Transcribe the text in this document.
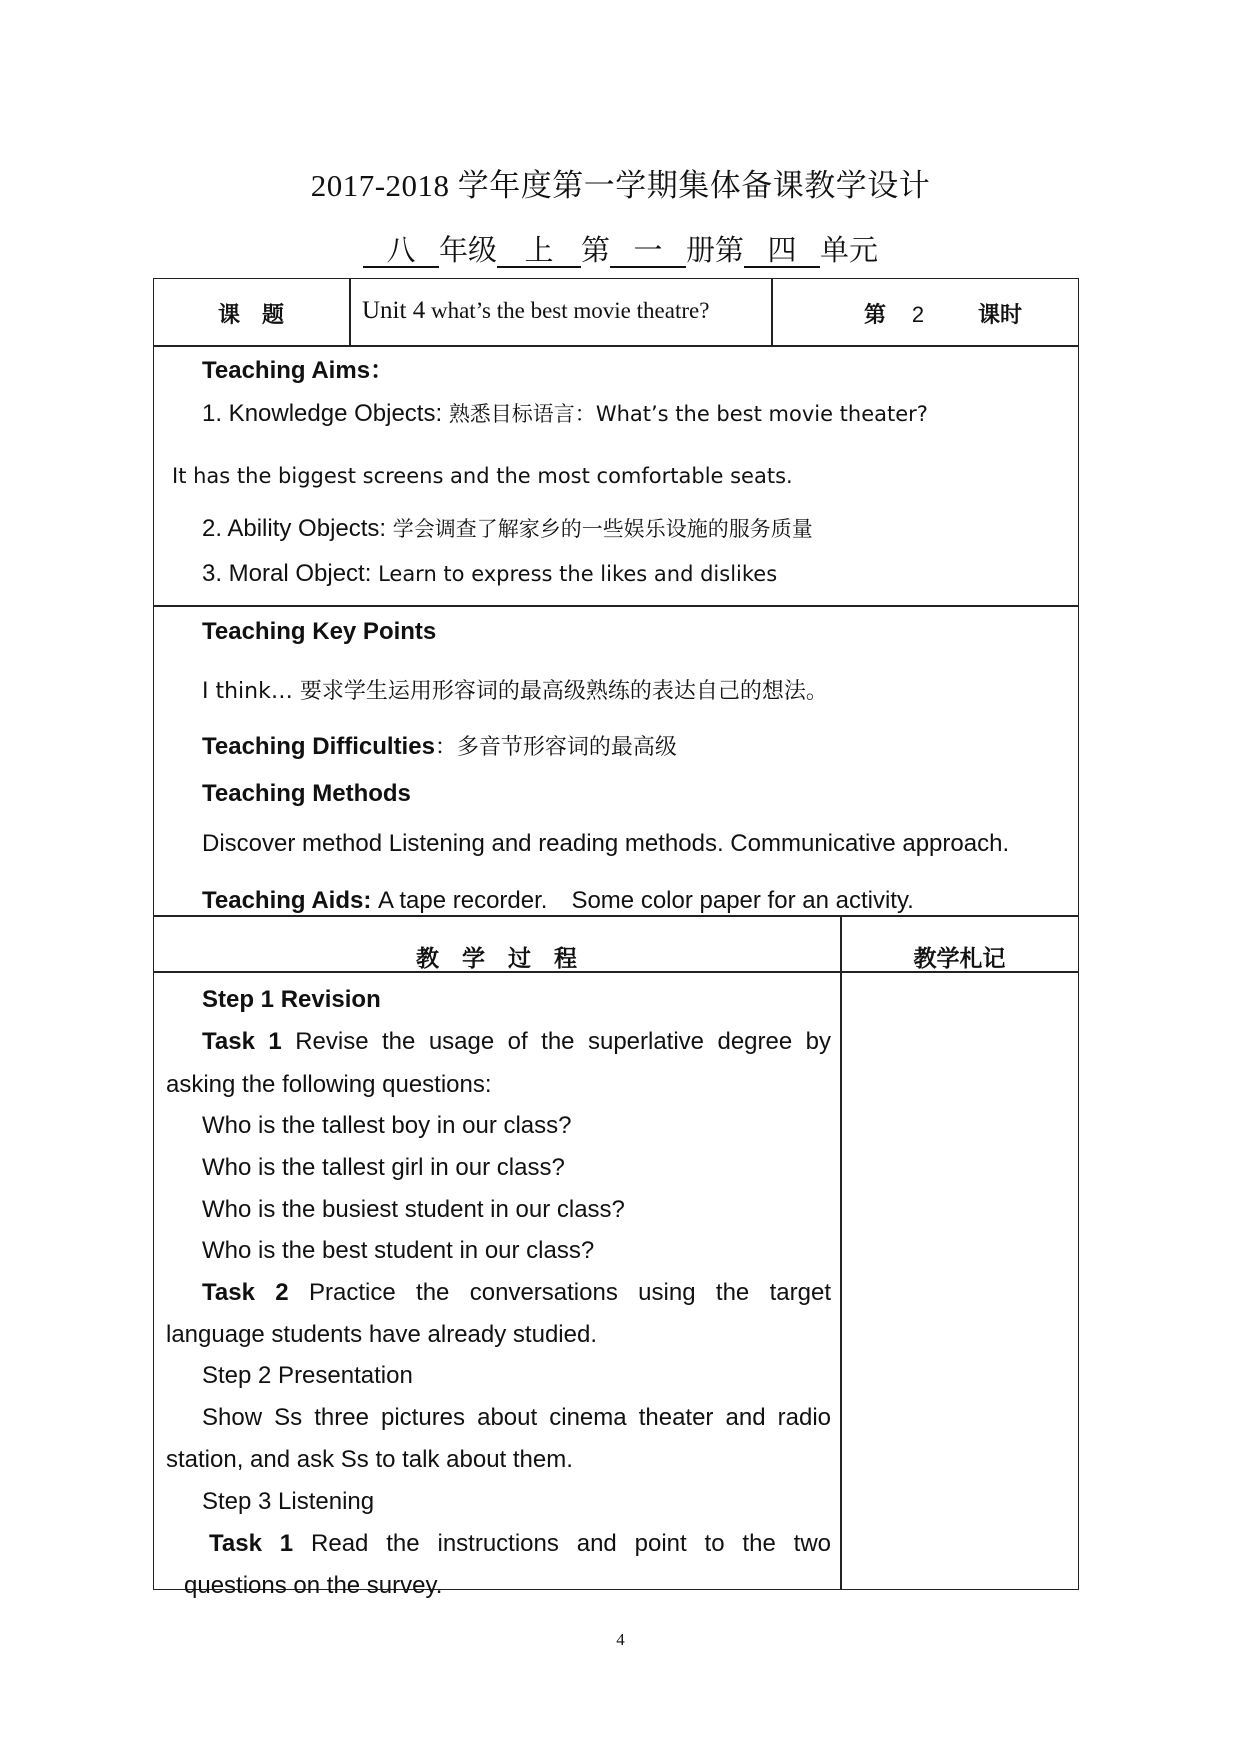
2017-2018 学年度第一学期集体备课教学设计
八 年级 上 第 一 册第 四 单元
课　题	Unit 4 what’s the best movie theatre?	第 2 课时
Teaching Aims：
1. Knowledge Objects: 熟悉目标语言：What’s the best movie theater?
It has the biggest screens and the most comfortable seats.
2. Ability Objects: 学会调查了解家乡的一些娱乐设施的服务质量
3. Moral Object: Learn to express the likes and dislikes
Teaching Key Points
I think… 要求学生运用形容词的最高级熟练的表达自己的想法。
Teaching Difficulties：多音节形容词的最高级
Teaching Methods
Discover method Listening and reading methods. Communicative approach.
Teaching Aids: A tape recorder.　Some color paper for an activity.
教　学　过　程	教学札记
Step 1 Revision
Task 1 Revise the usage of the superlative degree by
asking the following questions:
Who is the tallest boy in our class?
Who is the tallest girl in our class?
Who is the busiest student in our class?
Who is the best student in our class?
Task 2 Practice the conversations using the target
language students have already studied.
Step 2 Presentation
Show Ss three pictures about cinema theater and radio
station, and ask Ss to talk about them.
Step 3 Listening
Task 1 Read the instructions and point to the two
questions on the survey.
4
